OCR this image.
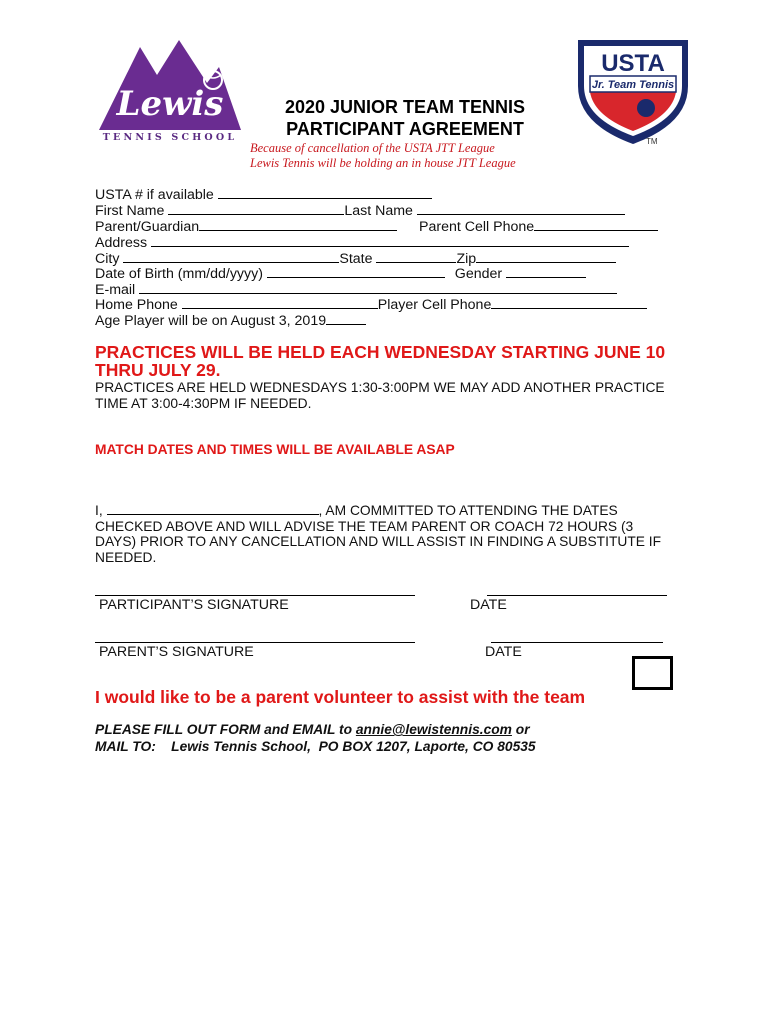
Lewis
TENNIS SCHOOL
USTA
Jr. Team Tennis
TM
2020 JUNIOR TEAM TENNIS
PARTICIPANT AGREEMENT
Because of cancellation of the USTA JTT League
Lewis Tennis will be holding an in house JTT League
USTA # if available
First Name	Last Name
Parent/Guardian	Parent Cell Phone
Address
City	State	Zip
Date of Birth (mm/dd/yyyy)	Gender
E-mail
Home Phone	Player Cell Phone
Age Player will be on August 3, 2019
PRACTICES WILL BE HELD EACH WEDNESDAY STARTING JUNE 10
THRU JULY 29.
PRACTICES ARE HELD WEDNESDAYS 1:30-3:00PM WE MAY ADD ANOTHER PRACTICE
TIME AT 3:00-4:30PM IF NEEDED.
MATCH DATES AND TIMES WILL BE AVAILABLE ASAP
I,	, AM COMMITTED TO ATTENDING THE DATES
CHECKED ABOVE AND WILL ADVISE THE TEAM PARENT OR COACH 72 HOURS (3
DAYS) PRIOR TO ANY CANCELLATION AND WILL ASSIST IN FINDING A SUBSTITUTE IF
NEEDED.
PARTICIPANT’S SIGNATURE	DATE
PARENT’S SIGNATURE	DATE
I would like to be a parent volunteer to assist with the team
PLEASE FILL OUT FORM and EMAIL to annie@lewistennis.com or
MAIL TO:    Lewis Tennis School,  PO BOX 1207, Laporte, CO 80535
